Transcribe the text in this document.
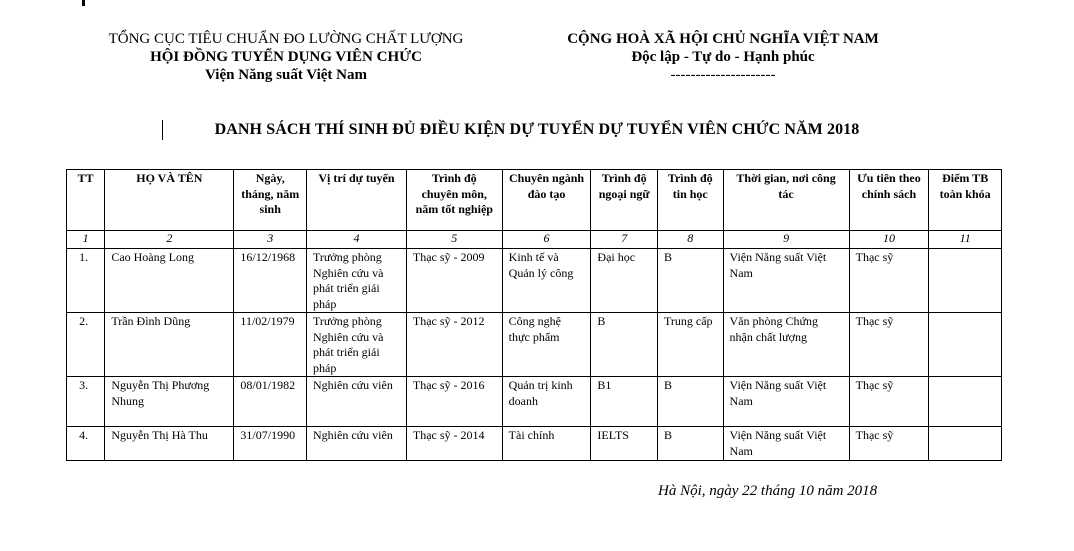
TỔNG CỤC TIÊU CHUẨN ĐO LƯỜNG CHẤT LƯỢNG
HỘI ĐỒNG TUYỂN DỤNG VIÊN CHỨC
Viện Năng suất Việt Nam
CỘNG HOÀ XÃ HỘI CHỦ NGHĨA VIỆT NAM
Độc lập - Tự do - Hạnh phúc
---------------------
DANH SÁCH THÍ SINH ĐỦ ĐIỀU KIỆN DỰ TUYỂN DỰ TUYỂN VIÊN CHỨC NĂM 2018
TT	HỌ VÀ TÊN	Ngày, tháng, năm sinh	Vị trí dự tuyển	Trình độ chuyên môn, năm tốt nghiệp	Chuyên ngành đào tạo	Trình độ ngoại ngữ	Trình độ tin học	Thời gian, nơi công tác	Ưu tiên theo chính sách	Điểm TB toàn khóa
1	2	3	4	5	6	7	8	9	10	11
1.	Cao Hoàng Long	16/12/1968	Trưởng phòng Nghiên cứu và phát triển giải pháp	Thạc sỹ - 2009	Kinh tế và Quản lý công	Đại học	B	Viện Năng suất Việt Nam	Thạc sỹ	
2.	Trần Đình Dũng	11/02/1979	Trưởng phòng Nghiên cứu và phát triển giải pháp	Thạc sỹ - 2012	Công nghệ thực phẩm	B	Trung cấp	Văn phòng Chứng nhận chất lượng	Thạc sỹ	
3.	Nguyễn Thị Phương Nhung	08/01/1982	Nghiên cứu viên	Thạc sỹ - 2016	Quản trị kinh doanh	B1	B	Viện Năng suất Việt Nam	Thạc sỹ	
4.	Nguyễn Thị Hà Thu	31/07/1990	Nghiên cứu viên	Thạc sỹ - 2014	Tài chính	IELTS	B	Viện Năng suất Việt Nam	Thạc sỹ	
Hà Nội, ngày 22 tháng 10 năm 2018
